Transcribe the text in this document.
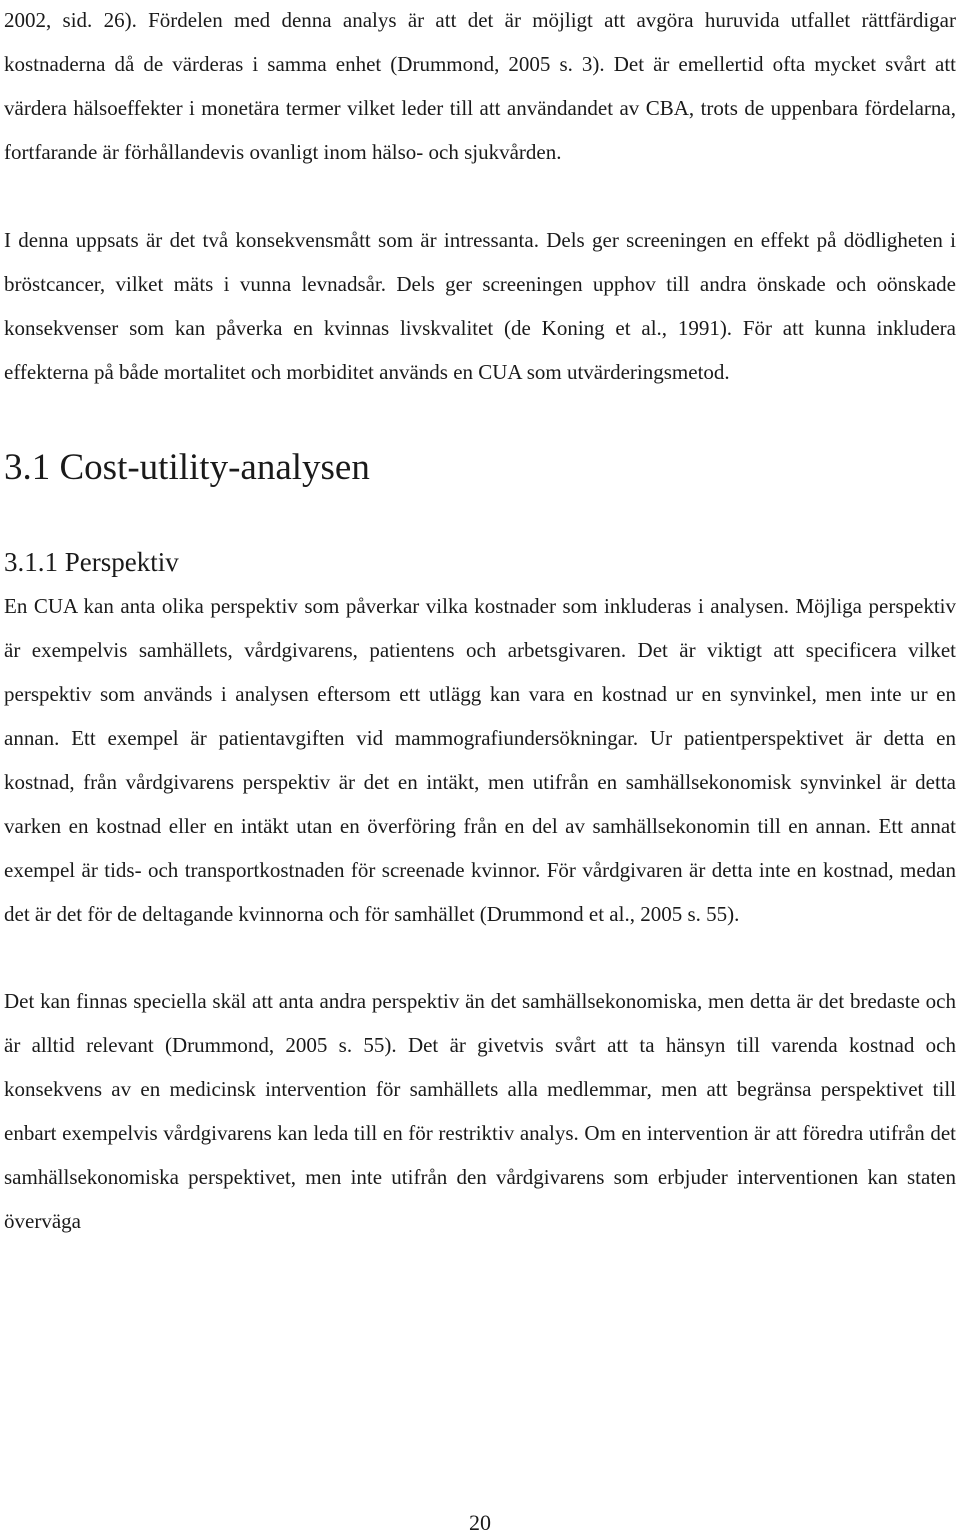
2002, sid. 26). Fördelen med denna analys är att det är möjligt att avgöra huruvida utfallet rättfärdigar kostnaderna då de värderas i samma enhet (Drummond, 2005 s. 3). Det är emellertid ofta mycket svårt att värdera hälsoeffekter i monetära termer vilket leder till att användandet av CBA, trots de uppenbara fördelarna, fortfarande är förhållandevis ovanligt inom hälso- och sjukvården.

I denna uppsats är det två konsekvensmått som är intressanta. Dels ger screeningen en effekt på dödligheten i bröstcancer, vilket mäts i vunna levnadsår. Dels ger screeningen upphov till andra önskade och oönskade konsekvenser som kan påverka en kvinnas livskvalitet (de Koning et al., 1991). För att kunna inkludera effekterna på både mortalitet och morbiditet används en CUA som utvärderingsmetod.

3.1 Cost-utility-analysen
3.1.1 Perspektiv

En CUA kan anta olika perspektiv som påverkar vilka kostnader som inkluderas i analysen. Möjliga perspektiv är exempelvis samhällets, vårdgivarens, patientens och arbetsgivaren. Det är viktigt att specificera vilket perspektiv som används i analysen eftersom ett utlägg kan vara en kostnad ur en synvinkel, men inte ur en annan. Ett exempel är patientavgiften vid mammografiundersökningar. Ur patientperspektivet är detta en kostnad, från vårdgivarens perspektiv är det en intäkt, men utifrån en samhällsekonomisk synvinkel är detta varken en kostnad eller en intäkt utan en överföring från en del av samhällsekonomin till en annan. Ett annat exempel är tids- och transportkostnaden för screenade kvinnor. För vårdgivaren är detta inte en kostnad, medan det är det för de deltagande kvinnorna och för samhället (Drummond et al., 2005 s. 55).

Det kan finnas speciella skäl att anta andra perspektiv än det samhällsekonomiska, men detta är det bredaste och är alltid relevant (Drummond, 2005 s. 55). Det är givetvis svårt att ta hänsyn till varenda kostnad och konsekvens av en medicinsk intervention för samhällets alla medlemmar, men att begränsa perspektivet till enbart exempelvis vårdgivarens kan leda till en för restriktiv analys. Om en intervention är att föredra utifrån det samhällsekonomiska perspektivet, men inte utifrån den vårdgivarens som erbjuder interventionen kan staten överväga

20
